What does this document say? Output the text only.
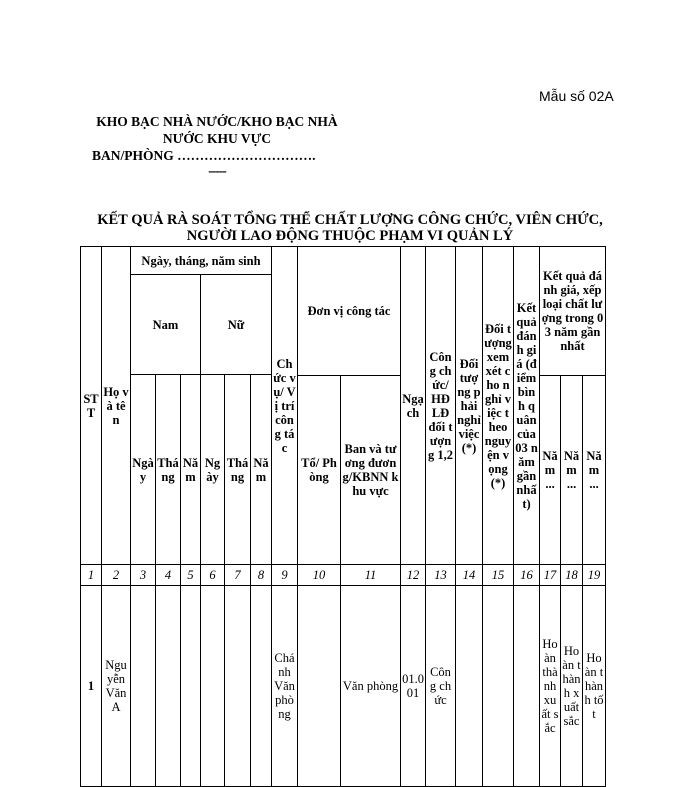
Mẫu số 02A
KHO BẠC NHÀ NƯỚC/KHO BẠC NHÀ NƯỚC KHU VỰC
BAN/PHÒNG ………………………….
-----
KẾT QUẢ RÀ SOÁT TỔNG THỂ CHẤT LƯỢNG CÔNG CHỨC, VIÊN CHỨC,
NGƯỜI LAO ĐỘNG THUỘC PHẠM VI QUẢN LÝ
STT	Họ và tên	Ngày, tháng, năm sinh						Chức vụ/ Vị trí công tác	Đơn vị công tác		Ngạch	Công chức/ HĐLĐ đối tượng 1,2	Đối tượng phải nghỉ việc (*)	Đối tượng xem xét cho nghỉ việc theo nguyện vọng (*)	Kết quả đánh giá (điểm bình quân của 03 năm gần nhất)	Kết quả đánh giá, xếp loại chất lượng trong 03 năm gần nhất		
		Nam			Nữ													
		Ngày	Tháng	Năm	Ngày	Tháng	Năm											
									Tổ/ Phòng	Ban và tương đương/KBNN khu vực						Năm ...	Năm ...	Năm ...
1	2	3	4	5	6	7	8	9	10	11	12	13	14	15	16	17	18	19
1	Nguyễn Văn A							Chánh Văn phòng		Văn phòng	01.001	Công chức				Hoàn thành xuất sắc	Hoàn thành xuất sắc	Hoàn thành tốt
